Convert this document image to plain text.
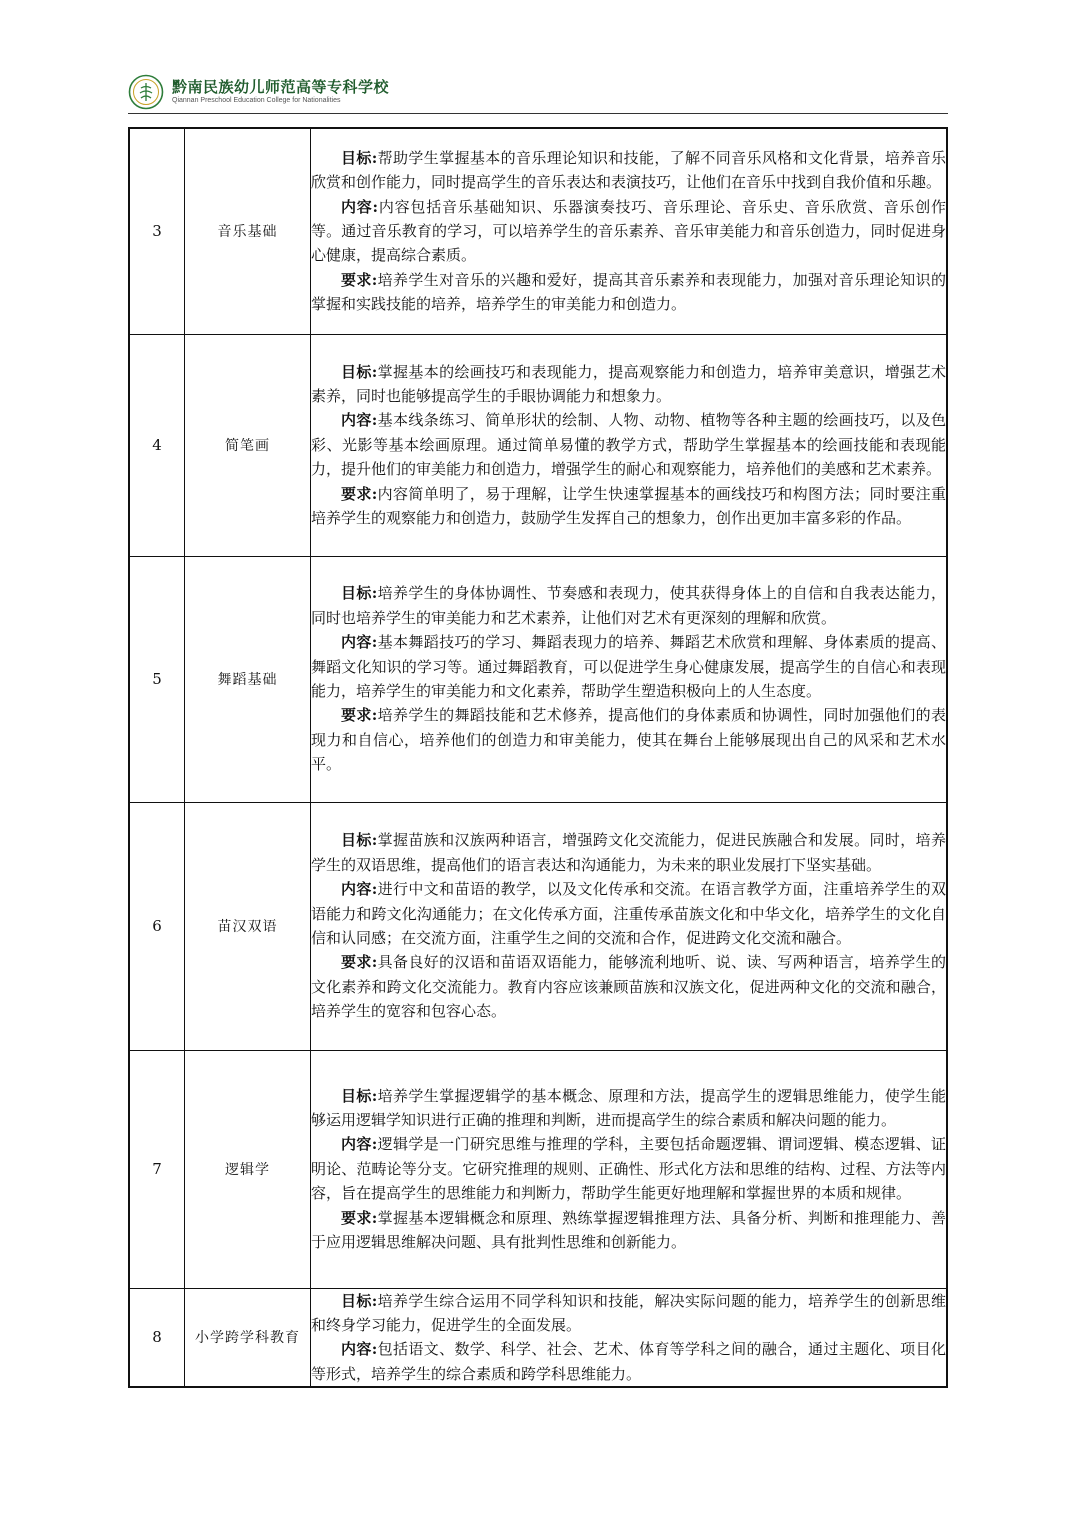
黔南民族幼儿师范高等专科学校
Qiannan Preschool Education College for Nationalities
3	音乐基础	目标:帮助学生掌握基本的音乐理论知识和技能，了解不同音乐风格和文化背景，培养音乐欣赏和创作能力，同时提高学生的音乐表达和表演技巧，让他们在音乐中找到自我价值和乐趣。

内容:内容包括音乐基础知识、乐器演奏技巧、音乐理论、音乐史、音乐欣赏、音乐创作等。通过音乐教育的学习，可以培养学生的音乐素养、音乐审美能力和音乐创造力，同时促进身心健康，提高综合素质。

要求:培养学生对音乐的兴趣和爱好，提高其音乐素养和表现能力，加强对音乐理论知识的掌握和实践技能的培养，培养学生的审美能力和创造力。

4	简笔画	目标:掌握基本的绘画技巧和表现能力，提高观察能力和创造力，培养审美意识，增强艺术素养，同时也能够提高学生的手眼协调能力和想象力。

内容:基本线条练习、简单形状的绘制、人物、动物、植物等各种主题的绘画技巧，以及色彩、光影等基本绘画原理。通过简单易懂的教学方式，帮助学生掌握基本的绘画技能和表现能力，提升他们的审美能力和创造力，增强学生的耐心和观察能力，培养他们的美感和艺术素养。

要求:内容简单明了，易于理解，让学生快速掌握基本的画线技巧和构图方法；同时要注重培养学生的观察能力和创造力，鼓励学生发挥自己的想象力，创作出更加丰富多彩的作品。

5	舞蹈基础	目标:培养学生的身体协调性、节奏感和表现力，使其获得身体上的自信和自我表达能力，同时也培养学生的审美能力和艺术素养，让他们对艺术有更深刻的理解和欣赏。

内容:基本舞蹈技巧的学习、舞蹈表现力的培养、舞蹈艺术欣赏和理解、身体素质的提高、舞蹈文化知识的学习等。通过舞蹈教育，可以促进学生身心健康发展，提高学生的自信心和表现能力，培养学生的审美能力和文化素养，帮助学生塑造积极向上的人生态度。

要求:培养学生的舞蹈技能和艺术修养，提高他们的身体素质和协调性，同时加强他们的表现力和自信心，培养他们的创造力和审美能力，使其在舞台上能够展现出自己的风采和艺术水平。

6	苗汉双语	目标:掌握苗族和汉族两种语言，增强跨文化交流能力，促进民族融合和发展。同时，培养学生的双语思维，提高他们的语言表达和沟通能力，为未来的职业发展打下坚实基础。

内容:进行中文和苗语的教学，以及文化传承和交流。在语言教学方面，注重培养学生的双语能力和跨文化沟通能力；在文化传承方面，注重传承苗族文化和中华文化，培养学生的文化自信和认同感；在交流方面，注重学生之间的交流和合作，促进跨文化交流和融合。

要求:具备良好的汉语和苗语双语能力，能够流利地听、说、读、写两种语言，培养学生的文化素养和跨文化交流能力。教育内容应该兼顾苗族和汉族文化，促进两种文化的交流和融合，培养学生的宽容和包容心态。

7	逻辑学	目标:培养学生掌握逻辑学的基本概念、原理和方法，提高学生的逻辑思维能力，使学生能够运用逻辑学知识进行正确的推理和判断，进而提高学生的综合素质和解决问题的能力。

内容:逻辑学是一门研究思维与推理的学科，主要包括命题逻辑、谓词逻辑、模态逻辑、证明论、范畴论等分支。它研究推理的规则、正确性、形式化方法和思维的结构、过程、方法等内容，旨在提高学生的思维能力和判断力，帮助学生能更好地理解和掌握世界的本质和规律。

要求:掌握基本逻辑概念和原理、熟练掌握逻辑推理方法、具备分析、判断和推理能力、善于应用逻辑思维解决问题、具有批判性思维和创新能力。

8	小学跨学科教育	目标:培养学生综合运用不同学科知识和技能，解决实际问题的能力，培养学生的创新思维和终身学习能力，促进学生的全面发展。

内容:包括语文、数学、科学、社会、艺术、体育等学科之间的融合，通过主题化、项目化等形式，培养学生的综合素质和跨学科思维能力。
